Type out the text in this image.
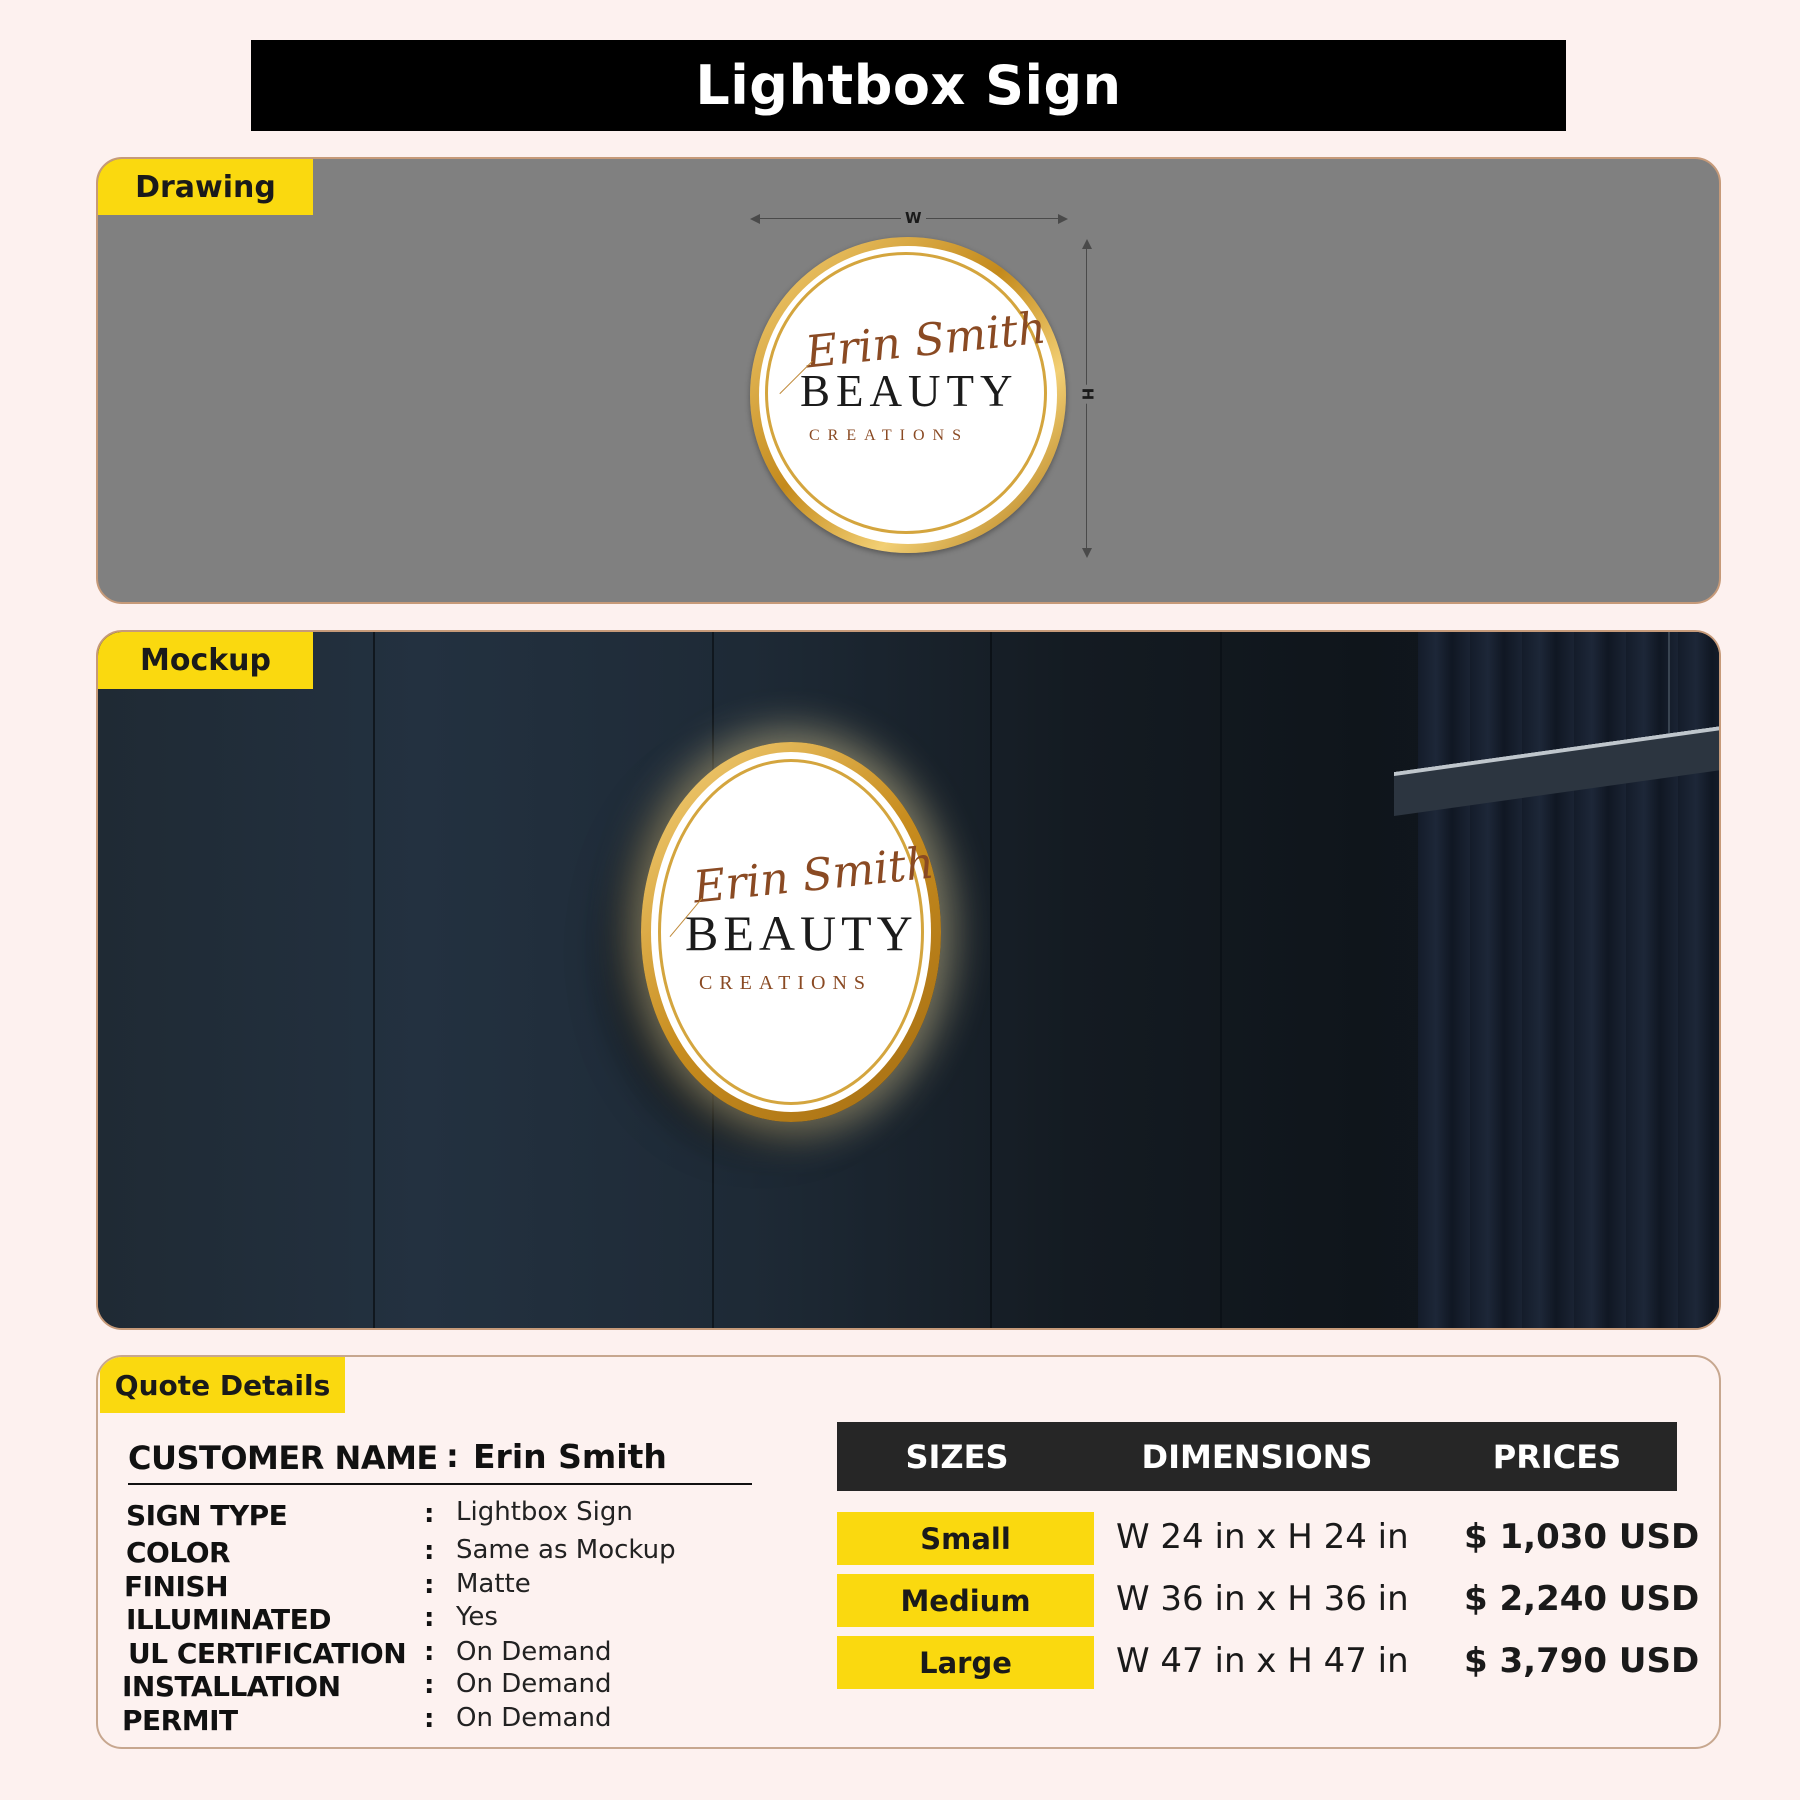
Lightbox Sign
Drawing
W
H
Erin Smith
BEAUTY
CREATIONS
Mockup
Erin Smith
BEAUTY
CREATIONS
Quote Details
CUSTOMER NAME : Erin Smith
SIGN TYPE	: Lightbox Sign
COLOR	: Same as Mockup
FINISH	: Matte
ILLUMINATED	: Yes
UL CERTIFICATION : On Demand
INSTALLATION	: On Demand
PERMIT	: On Demand
SIZES	DIMENSIONS	PRICES
Small	W 24 in x H 24 in $ 1,030 USD
Medium	W 36 in x H 36 in $ 2,240 USD
Large	W 47 in x H 47 in $ 3,790 USD
